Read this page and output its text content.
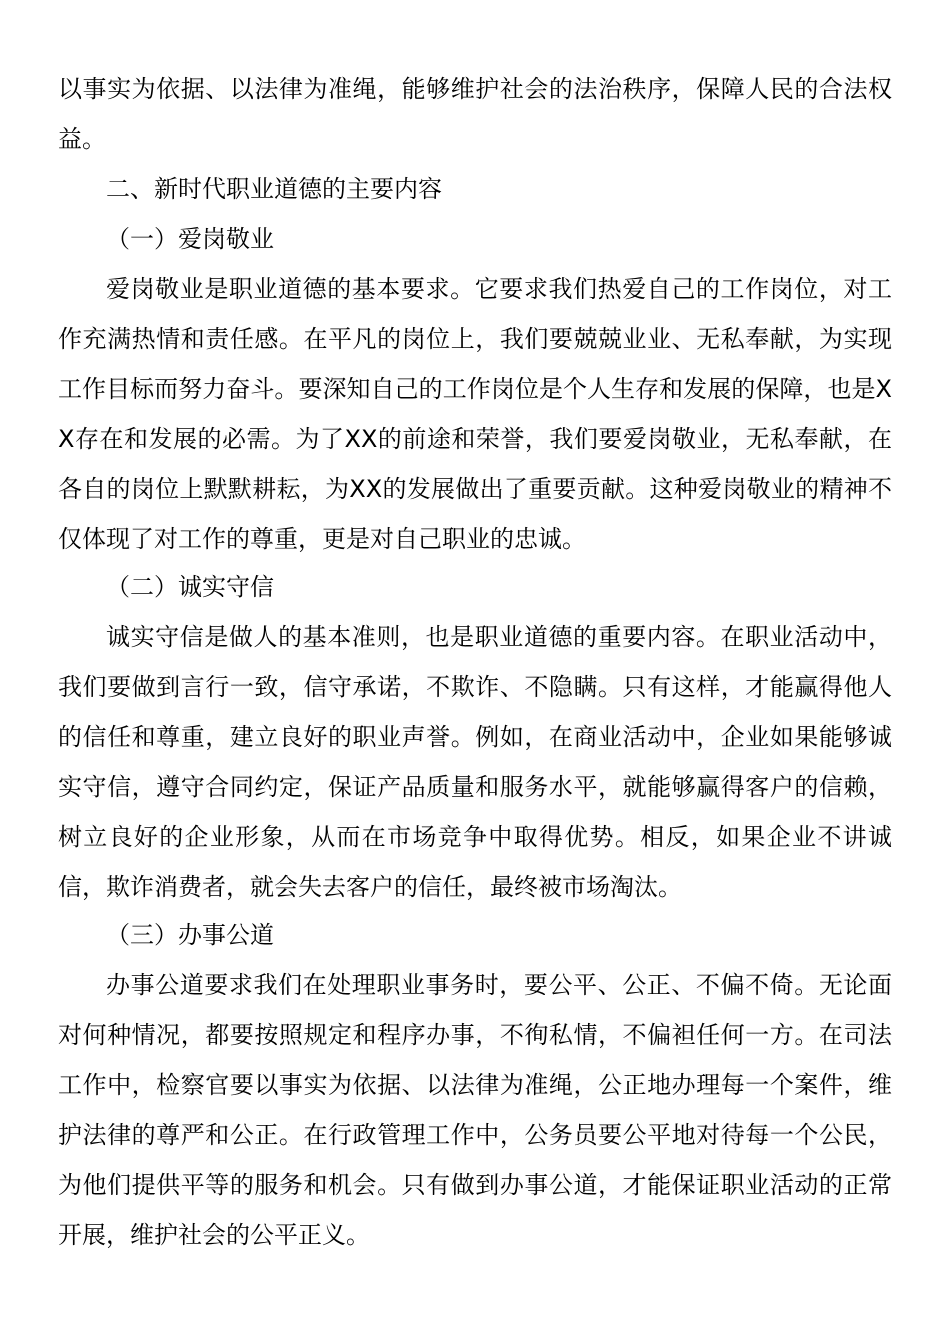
以事实为依据、以法律为准绳，能够维护社会的法治秩序，保障人民的合法权益。

二、新时代职业道德的主要内容

（一）爱岗敬业

爱岗敬业是职业道德的基本要求。它要求我们热爱自己的工作岗位，对工作充满热情和责任感。在平凡的岗位上，我们要兢兢业业、无私奉献，为实现工作目标而努力奋斗。要深知自己的工作岗位是个人生存和发展的保障，也是XX存在和发展的必需。为了XX的前途和荣誉，我们要爱岗敬业，无私奉献，在各自的岗位上默默耕耘，为XX的发展做出了重要贡献。这种爱岗敬业的精神不仅体现了对工作的尊重，更是对自己职业的忠诚。

（二）诚实守信

诚实守信是做人的基本准则，也是职业道德的重要内容。在职业活动中，我们要做到言行一致，信守承诺，不欺诈、不隐瞒。只有这样，才能赢得他人的信任和尊重，建立良好的职业声誉。例如，在商业活动中，企业如果能够诚实守信，遵守合同约定，保证产品质量和服务水平，就能够赢得客户的信赖，树立良好的企业形象，从而在市场竞争中取得优势。相反，如果企业不讲诚信，欺诈消费者，就会失去客户的信任，最终被市场淘汰。

（三）办事公道

办事公道要求我们在处理职业事务时，要公平、公正、不偏不倚。无论面对何种情况，都要按照规定和程序办事，不徇私情，不偏袒任何一方。在司法工作中，检察官要以事实为依据、以法律为准绳，公正地办理每一个案件，维护法律的尊严和公正。在行政管理工作中，公务员要公平地对待每一个公民，为他们提供平等的服务和机会。只有做到办事公道，才能保证职业活动的正常开展，维护社会的公平正义。
